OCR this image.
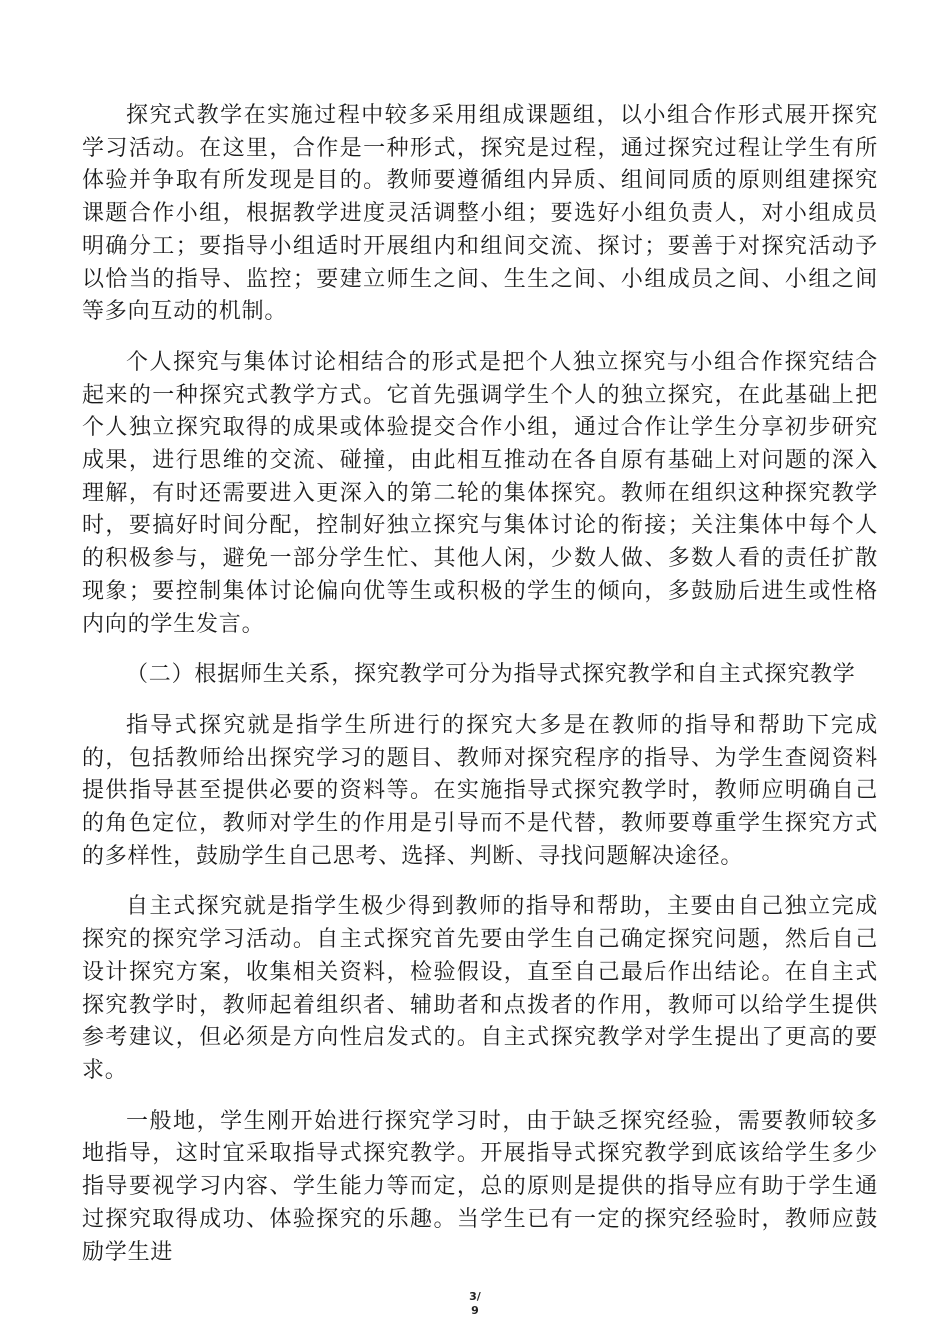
探究式教学在实施过程中较多采用组成课题组，以小组合作形式展开探究学习活动。在这里，合作是一种形式，探究是过程，通过探究过程让学生有所体验并争取有所发现是目的。教师要遵循组内异质、组间同质的原则组建探究课题合作小组，根据教学进度灵活调整小组；要选好小组负责人，对小组成员明确分工；要指导小组适时开展组内和组间交流、探讨；要善于对探究活动予以恰当的指导、监控；要建立师生之间、生生之间、小组成员之间、小组之间等多向互动的机制。

个人探究与集体讨论相结合的形式是把个人独立探究与小组合作探究结合起来的一种探究式教学方式。它首先强调学生个人的独立探究，在此基础上把个人独立探究取得的成果或体验提交合作小组，通过合作让学生分享初步研究成果，进行思维的交流、碰撞，由此相互推动在各自原有基础上对问题的深入理解，有时还需要进入更深入的第二轮的集体探究。教师在组织这种探究教学时，要搞好时间分配，控制好独立探究与集体讨论的衔接；关注集体中每个人的积极参与，避免一部分学生忙、其他人闲，少数人做、多数人看的责任扩散现象；要控制集体讨论偏向优等生或积极的学生的倾向，多鼓励后进生或性格内向的学生发言。

（二）根据师生关系，探究教学可分为指导式探究教学和自主式探究教学

指导式探究就是指学生所进行的探究大多是在教师的指导和帮助下完成的，包括教师给出探究学习的题目、教师对探究程序的指导、为学生查阅资料提供指导甚至提供必要的资料等。在实施指导式探究教学时，教师应明确自己的角色定位，教师对学生的作用是引导而不是代替，教师要尊重学生探究方式的多样性，鼓励学生自己思考、选择、判断、寻找问题解决途径。

自主式探究就是指学生极少得到教师的指导和帮助，主要由自己独立完成探究的探究学习活动。自主式探究首先要由学生自己确定探究问题，然后自己设计探究方案，收集相关资料，检验假设，直至自己最后作出结论。在自主式探究教学时，教师起着组织者、辅助者和点拨者的作用，教师可以给学生提供参考建议，但必须是方向性启发式的。自主式探究教学对学生提出了更高的要求。

一般地，学生刚开始进行探究学习时，由于缺乏探究经验，需要教师较多地指导，这时宜采取指导式探究教学。开展指导式探究教学到底该给学生多少指导要视学习内容、学生能力等而定，总的原则是提供的指导应有助于学生通过探究取得成功、体验探究的乐趣。当学生已有一定的探究经验时，教师应鼓励学生进

3/
9
